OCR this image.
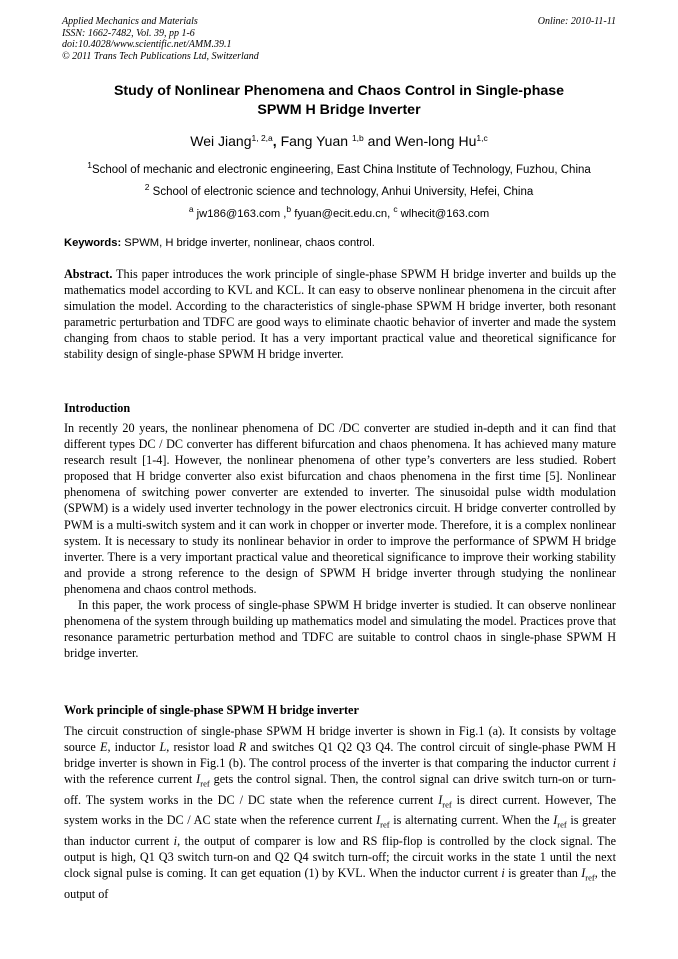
Applied Mechanics and Materials
ISSN: 1662-7482, Vol. 39, pp 1-6
doi:10.4028/www.scientific.net/AMM.39.1
© 2011 Trans Tech Publications Ltd, Switzerland
Online: 2010-11-11
Study of Nonlinear Phenomena and Chaos Control in Single-phase
SPWM H Bridge Inverter
Wei Jiang$^{1, 2,a}$, Fang Yuan $^{1,b}$ and Wen-long Hu$^{1,c}$
$^1$School of mechanic and electronic engineering, East China Institute of Technology, Fuzhou, China
$^2$ School of electronic science and technology, Anhui University, Hefei, China
$^a$ jw186@163.com ,$^b$ fyuan@ecit.edu.cn, $^c$ wlhecit@163.com
Keywords: SPWM, H bridge inverter, nonlinear, chaos control.

Abstract. This paper introduces the work principle of single-phase SPWM H bridge inverter and builds up the mathematics model according to KVL and KCL. It can easy to observe nonlinear phenomena in the circuit after simulation the model. According to the characteristics of single-phase SPWM H bridge inverter, both resonant parametric perturbation and TDFC are good ways to eliminate chaotic behavior of inverter and made the system changing from chaos to stable period. It has a very important practical value and theoretical significance for stability design of single-phase SPWM H bridge inverter.

Introduction

In recently 20 years, the nonlinear phenomena of DC /DC converter are studied in-depth and it can find that different types DC / DC converter has different bifurcation and chaos phenomena. It has achieved many mature research result [1-4]. However, the nonlinear phenomena of other type’s converters are less studied. Robert proposed that H bridge converter also exist bifurcation and chaos phenomena in the first time [5]. Nonlinear phenomena of switching power converter are extended to inverter. The sinusoidal pulse width modulation (SPWM) is a widely used inverter technology in the power electronics circuit. H bridge converter controlled by PWM is a multi-switch system and it can work in chopper or inverter mode. Therefore, it is a complex nonlinear system. It is necessary to study its nonlinear behavior in order to improve the performance of SPWM H bridge inverter. There is a very important practical value and theoretical significance to improve their working stability and provide a strong reference to the design of SPWM H bridge inverter through studying the nonlinear phenomena and chaos control methods.

In this paper, the work process of single-phase SPWM H bridge inverter is studied. It can observe nonlinear phenomena of the system through building up mathematics model and simulating the model. Practices prove that resonance parametric perturbation method and TDFC are suitable to control chaos in single-phase SPWM H bridge inverter.

Work principle of single-phase SPWM H bridge inverter

The circuit construction of single-phase SPWM H bridge inverter is shown in Fig.1 (a). It consists by voltage source E, inductor L, resistor load R and switches Q1 Q2 Q3 Q4. The control circuit of single-phase PWM H bridge inverter is shown in Fig.1 (b). The control process of the inverter is that comparing the inductor current i with the reference current $I_{ref}$ gets the control signal. Then, the control signal can drive switch turn-on or turn-off. The system works in the DC / DC state when the reference current $I_{ref}$ is direct current. However, The system works in the DC / AC state when the reference current $I_{ref}$ is alternating current. When the $I_{ref}$ is greater than inductor current i, the output of comparer is low and RS flip-flop is controlled by the clock signal. The output is high, Q1 Q3 switch turn-on and Q2 Q4 switch turn-off; the circuit works in the state 1 until the next clock signal pulse is coming. It can get equation (1) by KVL. When the inductor current i is greater than $I_{ref}$, the output of
